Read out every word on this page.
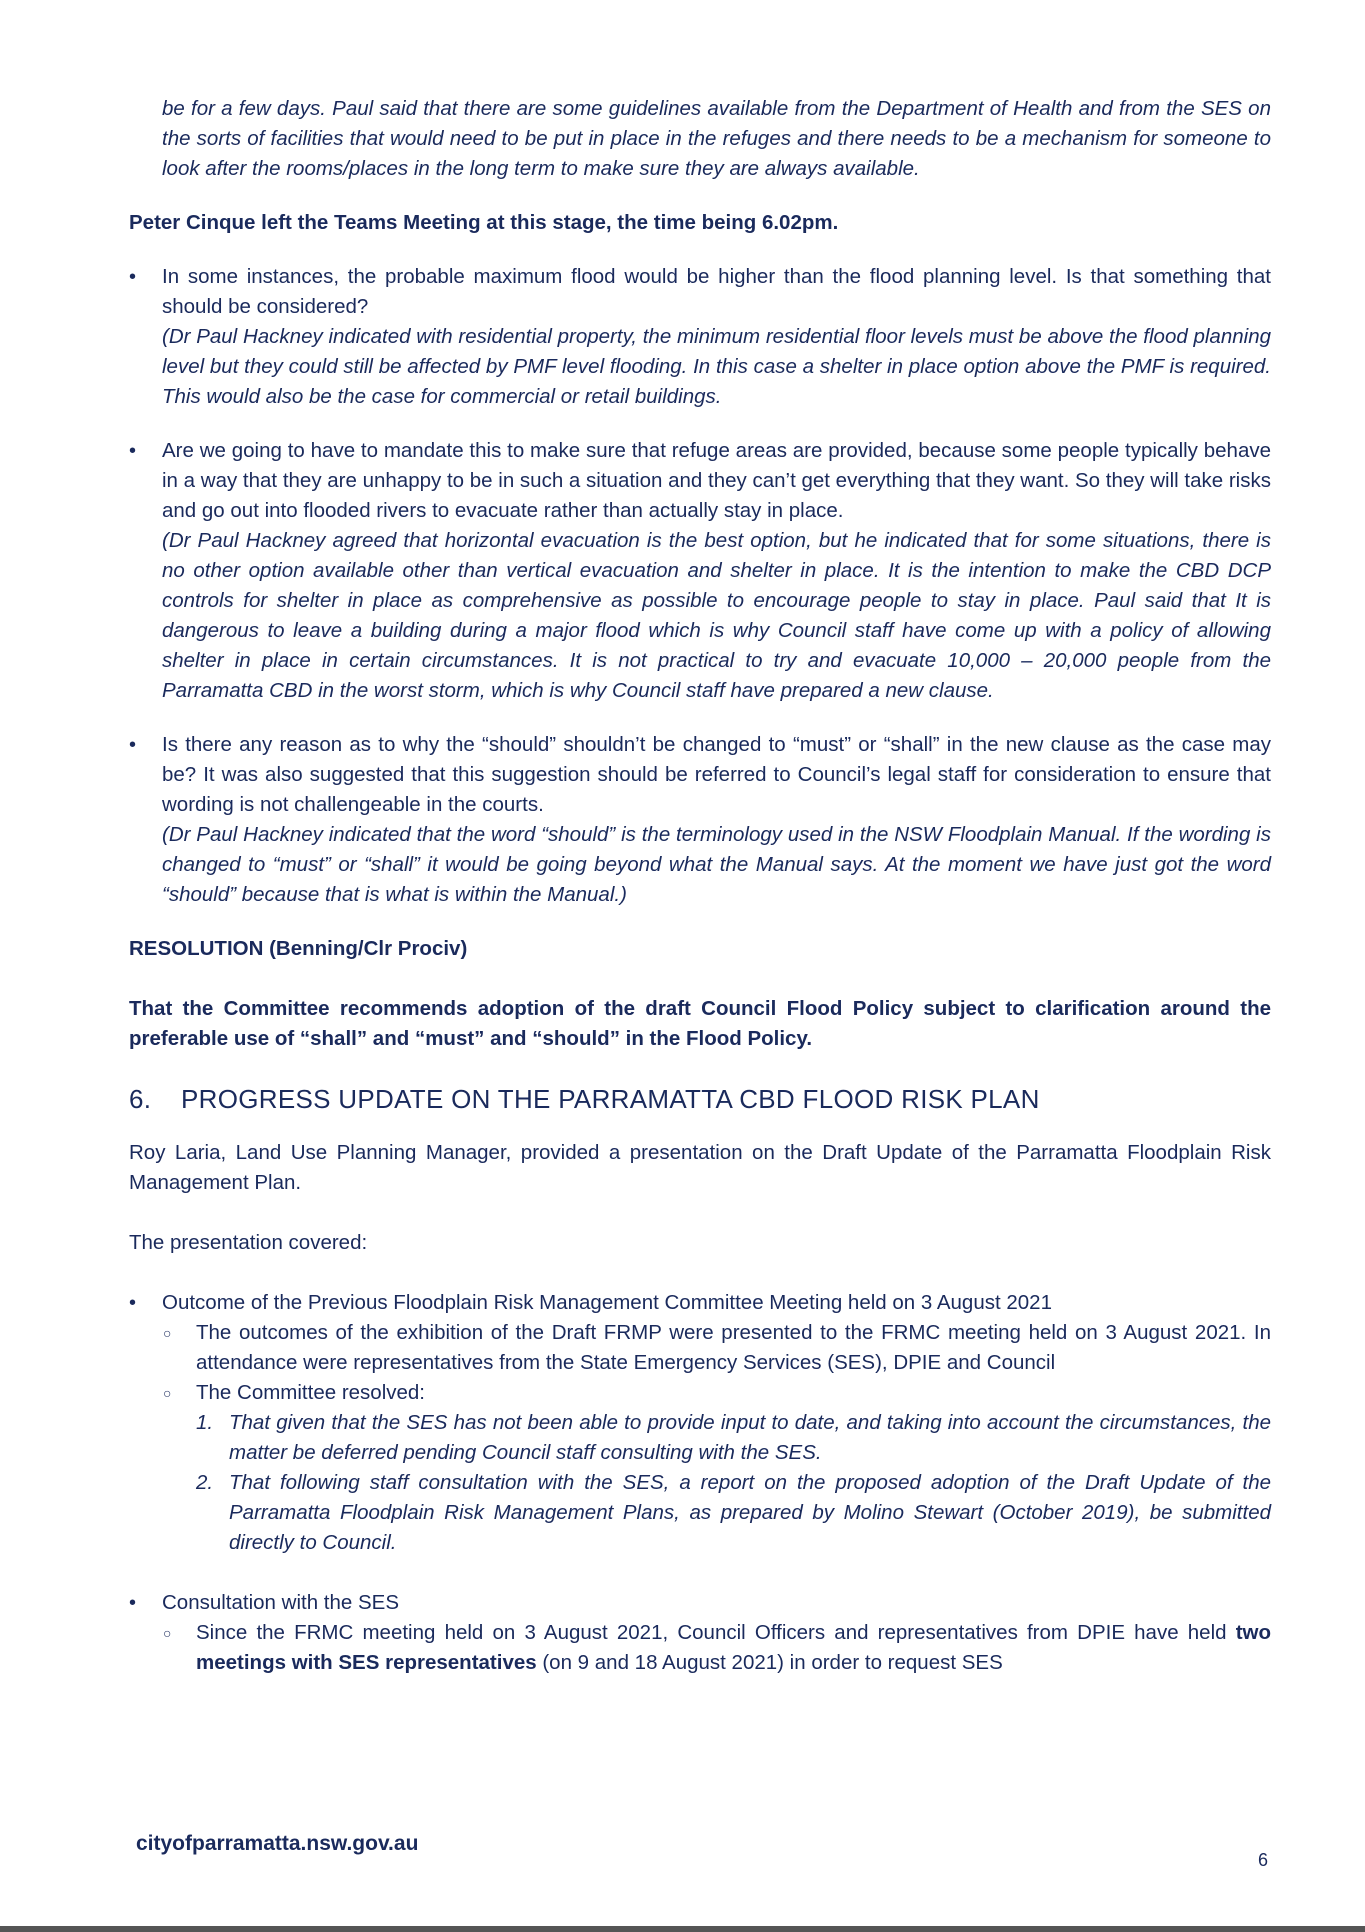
be for a few days. Paul said that there are some guidelines available from the Department of Health and from the SES on the sorts of facilities that would need to be put in place in the refuges and there needs to be a mechanism for someone to look after the rooms/places in the long term to make sure they are always available.

Peter Cinque left the Teams Meeting at this stage, the time being 6.02pm.

• In some instances, the probable maximum flood would be higher than the flood planning level. Is that something that should be considered?

(Dr Paul Hackney indicated with residential property, the minimum residential floor levels must be above the flood planning level but they could still be affected by PMF level flooding. In this case a shelter in place option above the PMF is required. This would also be the case for commercial or retail buildings.

• Are we going to have to mandate this to make sure that refuge areas are provided, because some people typically behave in a way that they are unhappy to be in such a situation and they can’t get everything that they want. So they will take risks and go out into flooded rivers to evacuate rather than actually stay in place.

(Dr Paul Hackney agreed that horizontal evacuation is the best option, but he indicated that for some situations, there is no other option available other than vertical evacuation and shelter in place. It is the intention to make the CBD DCP controls for shelter in place as comprehensive as possible to encourage people to stay in place. Paul said that It is dangerous to leave a building during a major flood which is why Council staff have come up with a policy of allowing shelter in place in certain circumstances. It is not practical to try and evacuate 10,000 – 20,000 people from the Parramatta CBD in the worst storm, which is why Council staff have prepared a new clause.

• Is there any reason as to why the “should” shouldn’t be changed to “must” or “shall” in the new clause as the case may be? It was also suggested that this suggestion should be referred to Council’s legal staff for consideration to ensure that wording is not challengeable in the courts.

(Dr Paul Hackney indicated that the word “should” is the terminology used in the NSW Floodplain Manual. If the wording is changed to “must” or “shall” it would be going beyond what the Manual says. At the moment we have just got the word “should” because that is what is within the Manual.)

RESOLUTION (Benning/Clr Prociv)

That the Committee recommends adoption of the draft Council Flood Policy subject to clarification around the preferable use of “shall” and “must” and “should” in the Flood Policy.

6.	PROGRESS UPDATE ON THE PARRAMATTA CBD FLOOD RISK PLAN

Roy Laria, Land Use Planning Manager, provided a presentation on the Draft Update of the Parramatta Floodplain Risk Management Plan.

The presentation covered:

• Outcome of the Previous Floodplain Risk Management Committee Meeting held on 3 August 2021

○ The outcomes of the exhibition of the Draft FRMP were presented to the FRMC meeting held on 3 August 2021. In attendance were representatives from the State Emergency Services (SES), DPIE and Council

○ The Committee resolved:

1. That given that the SES has not been able to provide input to date, and taking into account the circumstances, the matter be deferred pending Council staff consulting with the SES.

2. That following staff consultation with the SES, a report on the proposed adoption of the Draft Update of the Parramatta Floodplain Risk Management Plans, as prepared by Molino Stewart (October 2019), be submitted directly to Council.

• Consultation with the SES

○ Since the FRMC meeting held on 3 August 2021, Council Officers and representatives from DPIE have held two meetings with SES representatives (on 9 and 18 August 2021) in order to request SES

cityofparramatta.nsw.gov.au
6
